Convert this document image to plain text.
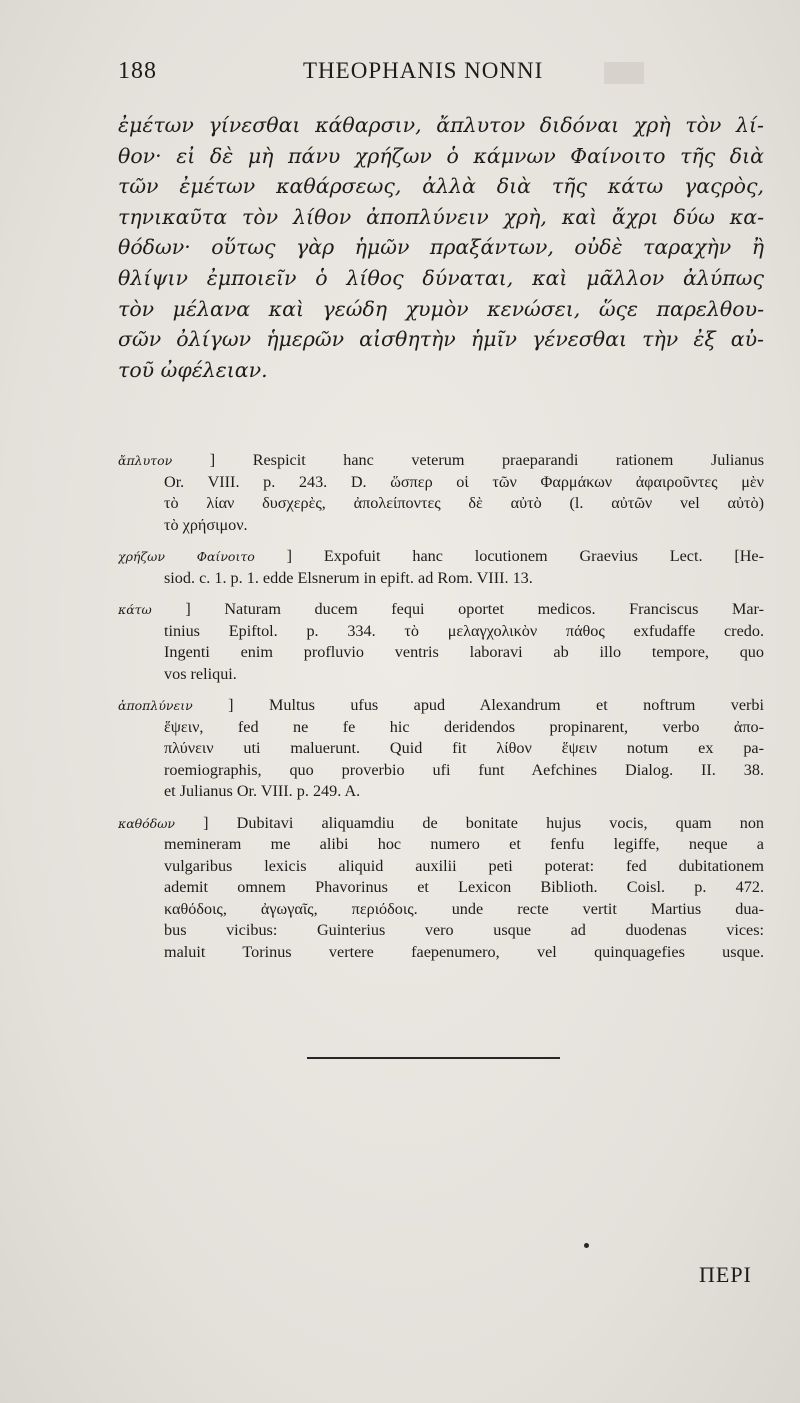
188	THEOPHANIS NONNI
ἐμέτων γίνεσθαι κάθαρσιν, ἄπλυτον διδόναι χρὴ τὸν λί-
θον· εἰ δὲ μὴ πάνυ χρήζων ὁ κάμνων Φαίνοιτο τῆς διὰ
τῶν ἐμέτων καθάρσεως, ἀλλὰ διὰ τῆς κάτω γαςρὸς,
τηνικαῦτα τὸν λίθον ἀποπλύνειν χρὴ, καὶ ἄχρι δύω κα-
θόδων· οὕτως γὰρ ἡμῶν πραξάντων, οὐδὲ ταραχὴν ἢ
θλίψιν ἐμποιεῖν ὁ λίθος δύναται, καὶ μᾶλλον ἀλύπως
τὸν μέλανα καὶ γεώδη χυμὸν κενώσει, ὥςε παρελθου-
σῶν ὀλίγων ἡμερῶν αἰσθητὴν ἡμῖν γένεσθαι τὴν ἐξ αὐ-
τοῦ ὠφέλειαν.
ἄπλυτον ] Respicit hanc veterum praeparandi rationem Julianus
Or. VIII. p. 243. D. ὥσπερ οἱ τῶν Φαρμάκων ἀφαιροῦντες μὲν
τὸ λίαν δυσχερὲς, ἀπολείποντες δὲ αὐτὸ (l. αὐτῶν vel αὐτὸ)
τὸ χρήσιμον.
χρήζων Φαίνοιτο ] Expofuit hanc locutionem Graevius Lect. [He-
siod. c. 1. p. 1. edde Elsnerum in epift. ad Rom. VIII. 13.
κάτω ] Naturam ducem fequi oportet medicos. Franciscus Mar-
tinius Epiftol. p. 334. τὸ μελαγχολικὸν πάθος exfudaffe credo.
Ingenti enim profluvio ventris laboravi ab illo tempore, quo
vos reliqui.
ἀποπλύνειν ] Multus ufus apud Alexandrum et noftrum verbi
ἕψειν, fed ne fe hic deridendos propinarent, verbo ἀπο-
πλύνειν uti maluerunt. Quid fit λίθον ἕψειν notum ex pa-
roemiographis, quo proverbio ufi funt Aefchines Dialog. II. 38.
et Julianus Or. VIII. p. 249. A.
καθόδων ] Dubitavi aliquamdiu de bonitate hujus vocis, quam non
memineram me alibi hoc numero et fenfu legiffe, neque a
vulgaribus lexicis aliquid auxilii peti poterat: fed dubitationem
ademit omnem Phavorinus et Lexicon Biblioth. Coisl. p. 472.
καθόδοις, ἀγωγαῖς, περιόδοις. unde recte vertit Martius dua-
bus vicibus: Guinterius vero usque ad duodenas vices:
maluit Torinus vertere faepenumero, vel quinquagefies usque.
ΠΕΡΙ
